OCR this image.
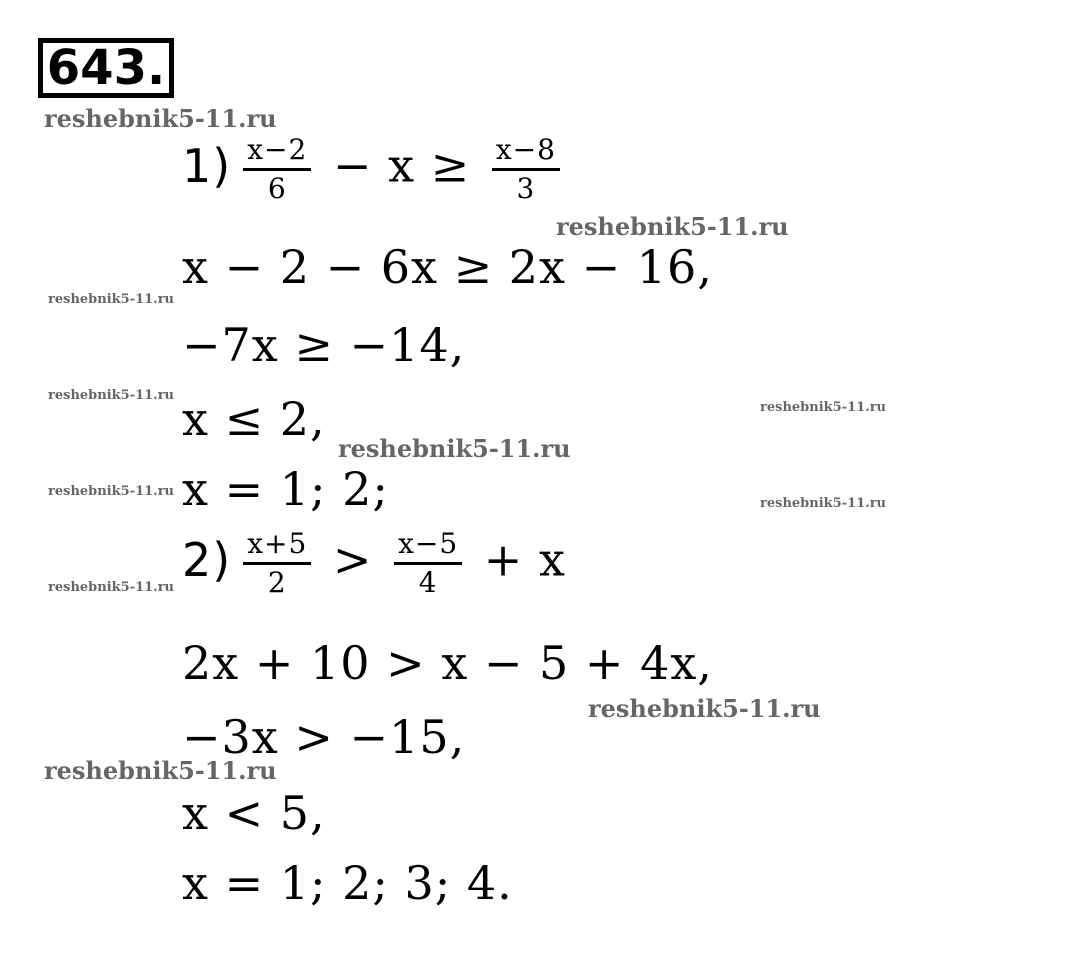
643.
$1) \frac{x-2}{6} - x \ge \frac{x-8}{3}$
x − 2 − 6x ≥ 2x − 16,
−7x ≥ −14,
x ≤ 2,
x = 1; 2;
$2) \frac{x+5}{2} > \frac{x-5}{4} + x$
2x + 10 > x − 5 + 4x,
−3x > −15,
x < 5,
x = 1; 2; 3; 4.
reshebnik5-11.ru
reshebnik5-11.ru
reshebnik5-11.ru
reshebnik5-11.ru
reshebnik5-11.ru
reshebnik5-11.ru
reshebnik5-11.ru
reshebnik5-11.ru
reshebnik5-11.ru
reshebnik5-11.ru
reshebnik5-11.ru
